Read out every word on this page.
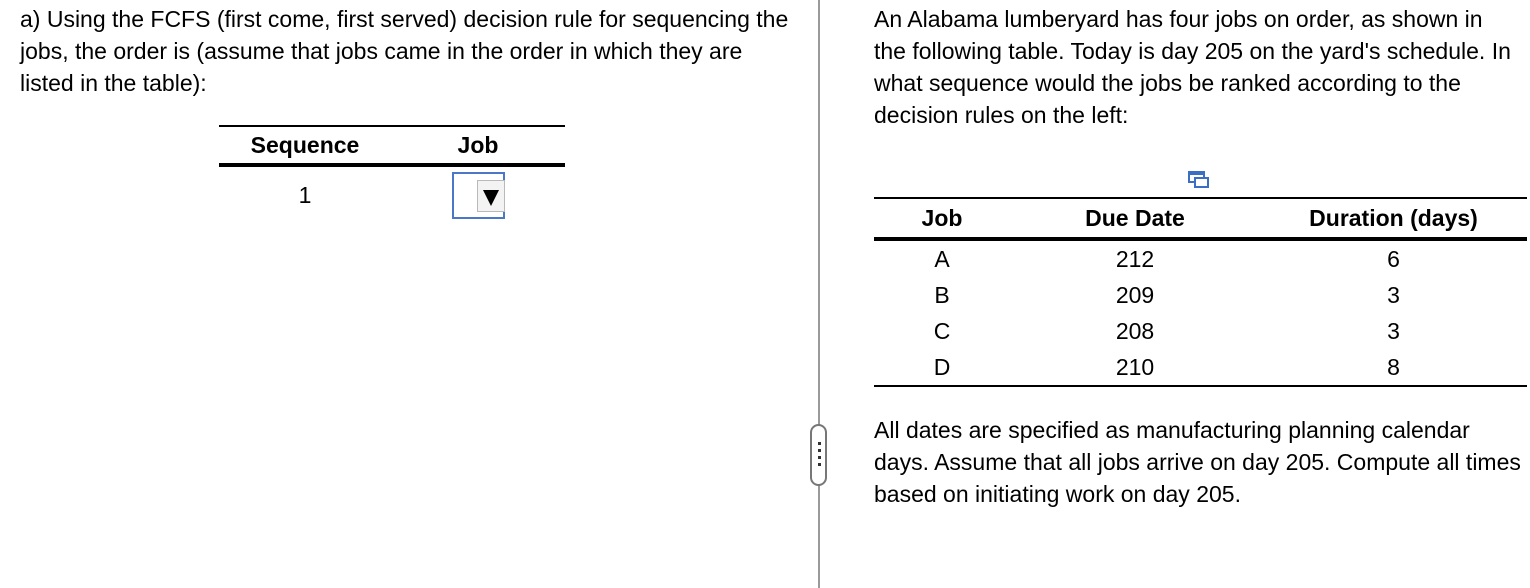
a) Using the FCFS (first come, first served) decision rule for sequencing the jobs, the order is (assume that jobs came in the order in which they are listed in the table):

Sequence	Job
1	

An Alabama lumberyard has four jobs on order, as shown in the following table. Today is day 205 on the yard's schedule. In what sequence would the jobs be ranked according to the decision rules on the left:

Job	Due Date	Duration (days)
A	212	6
B	209	3
C	208	3
D	210	8

All dates are specified as manufacturing planning calendar days. Assume that all jobs arrive on day 205. Compute all times based on initiating work on day 205.
